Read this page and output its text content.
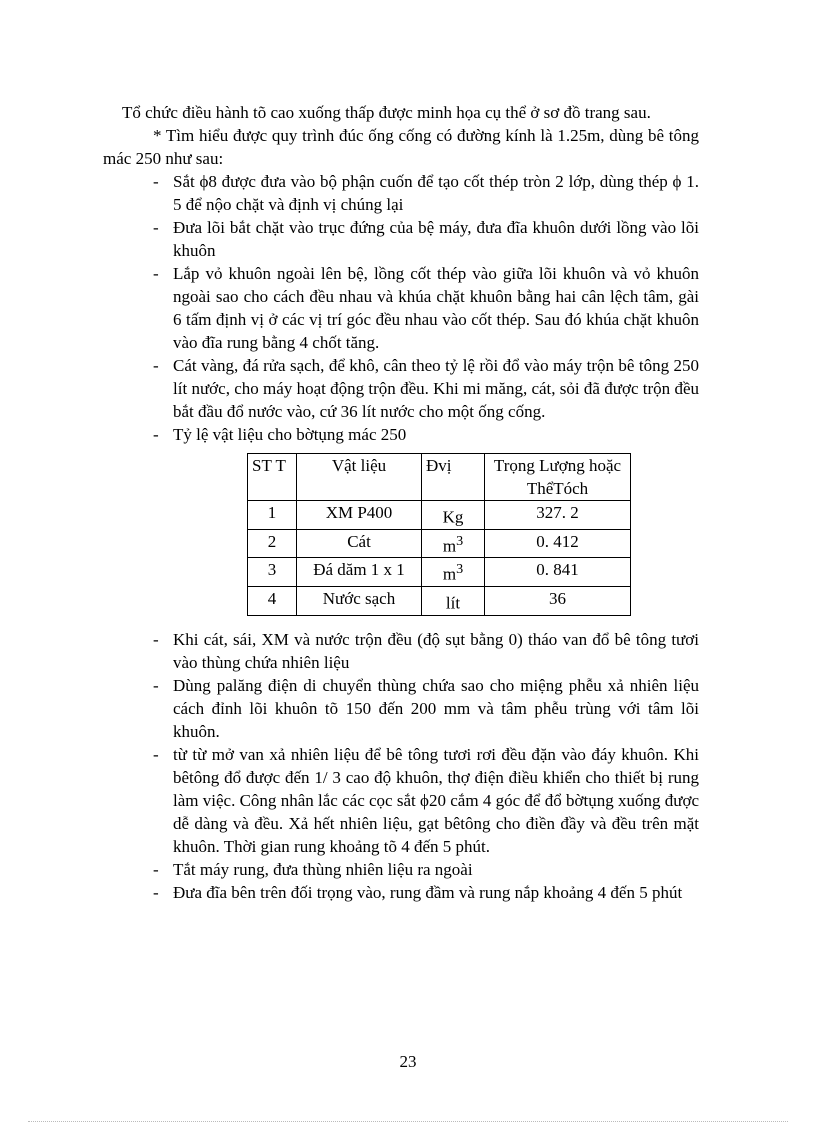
Tổ chức điều hành tõ cao xuống thấp được minh họa cụ thể ở sơ đồ trang sau.

* Tìm hiểu được quy trình đúc ống cống có đường kính là 1.25m, dùng bê tông mác 250 như sau:

- Sắt ϕ8 được đưa vào bộ phận cuốn để tạo cốt thép tròn 2 lớp, dùng thép ϕ 1. 5 để nộo chặt và định vị chúng lại
- Đưa lõi bắt chặt vào trục đứng của bệ máy, đưa đĩa khuôn dưới lồng vào lõi khuôn
- Lắp vỏ khuôn ngoài lên bệ, lồng cốt thép vào giữa lõi khuôn và vỏ khuôn ngoài sao cho cách đều nhau và khúa chặt khuôn bằng hai cân lệch tâm, gài 6 tấm định vị ở các vị trí góc đều nhau vào cốt thép. Sau đó khúa chặt khuôn vào đĩa rung bằng 4 chốt tăng.
- Cát vàng, đá rửa sạch, để khô, cân theo tỷ lệ rồi đổ vào máy trộn bê tông 250 lít nước, cho máy hoạt động trộn đều. Khi mi măng, cát, sỏi đã được trộn đều bắt đầu đổ nước vào, cứ 36 lít nước cho một ống cống.
- Tỷ lệ vật liệu cho bờtụng mác 250
ST T	Vật liệu	Đvị	Trọng Lượng hoặc ThểTóch
1	XM P400	Kg	327. 2
2	Cát	$m^3$	0. 412
3	Đá dăm 1 x 1	$m^3$	0. 841
4	Nước sạch	lít	36
- Khi cát, sái, XM và nước trộn đều (độ sụt bằng 0) tháo van đổ bê tông tươi vào thùng chứa nhiên liệu
- Dùng palăng điện di chuyển thùng chứa sao cho miệng phễu xả nhiên liệu cách đỉnh lõi khuôn tõ 150 đến 200 mm và tâm phễu trùng với tâm lõi khuôn.
- từ từ mở van xả nhiên liệu để bê tông tươi rơi đều đặn vào đáy khuôn. Khi bêtông đổ được đến 1/ 3 cao độ khuôn, thợ điện điều khiển cho thiết bị rung làm việc. Công nhân lắc các cọc sắt ϕ20 cắm 4 góc để đổ bờtụng xuống được dễ dàng và đều. Xả hết nhiên liệu, gạt bêtông cho điền đầy và đều trên mặt khuôn. Thời gian rung khoảng tõ 4 đến 5 phút.
- Tắt máy rung, đưa thùng nhiên liệu ra ngoài
- Đưa đĩa bên trên đối trọng vào, rung đầm và rung nắp khoảng 4 đến 5 phút
23
